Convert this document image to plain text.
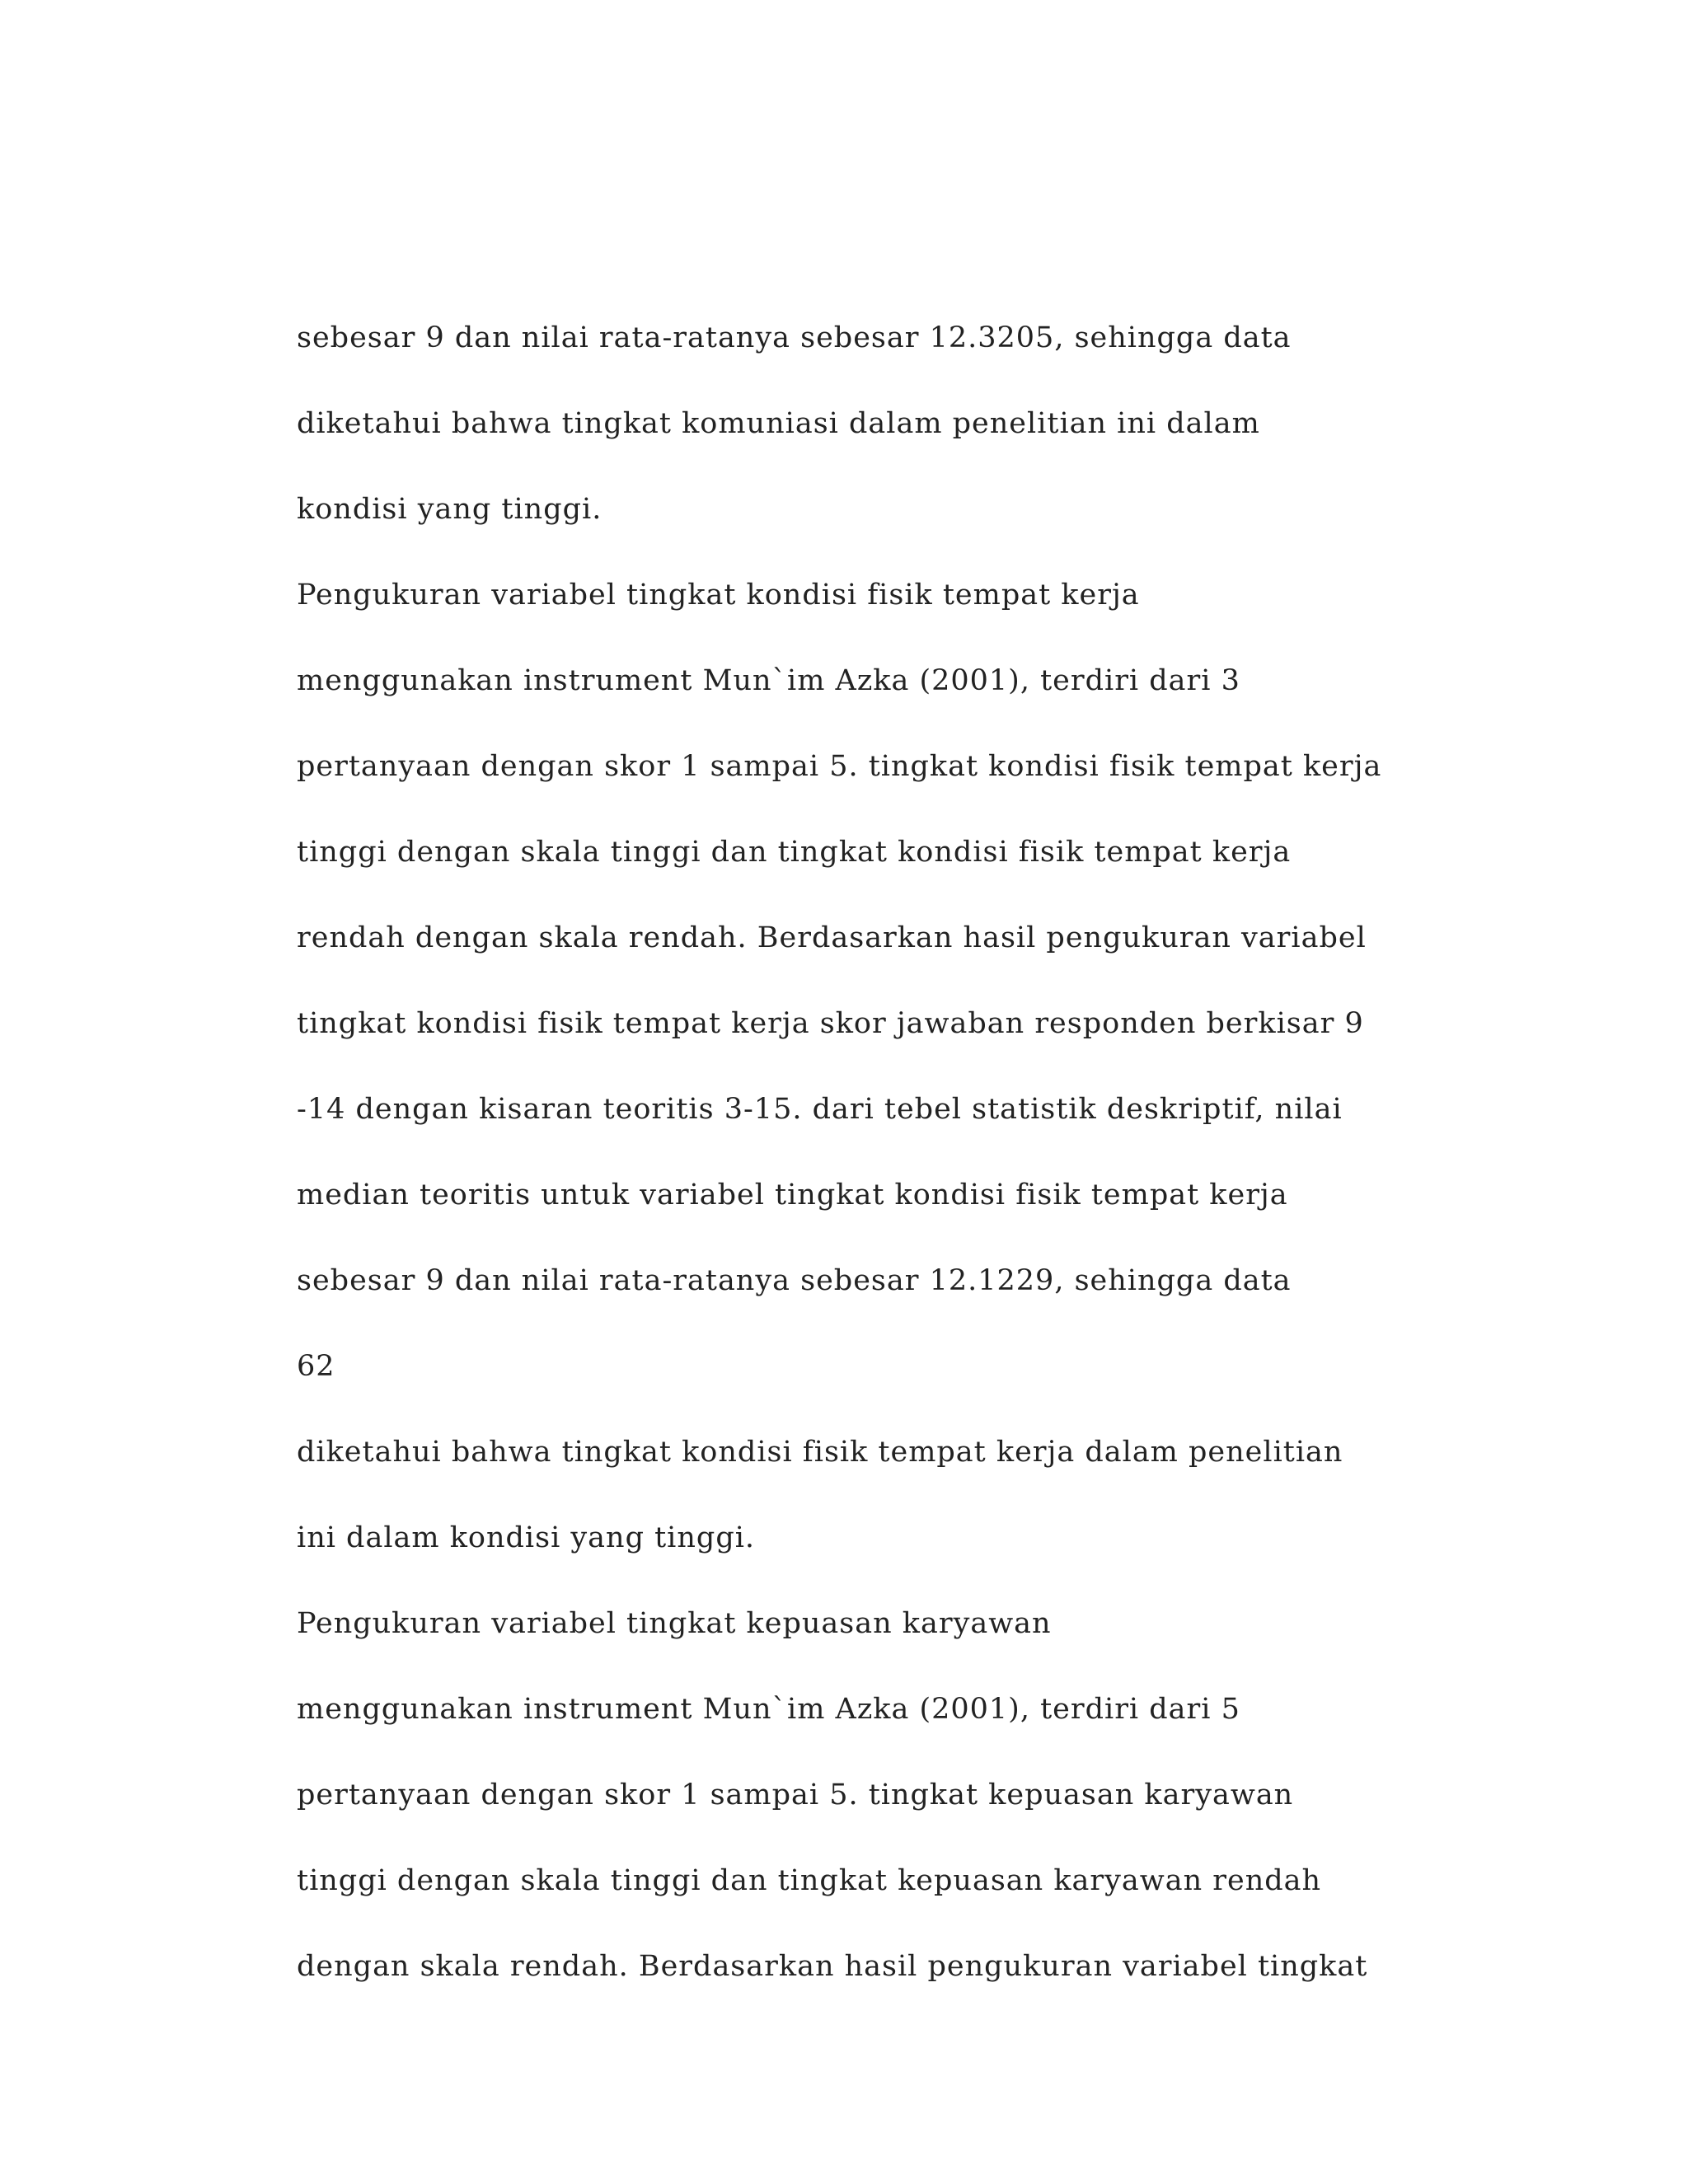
sebesar 9 dan nilai rata-ratanya sebesar 12.3205, sehingga data
diketahui bahwa tingkat komuniasi dalam penelitian ini dalam
kondisi yang tinggi.
Pengukuran variabel tingkat kondisi fisik tempat kerja
menggunakan instrument Mun`im Azka (2001), terdiri dari 3
pertanyaan dengan skor 1 sampai 5. tingkat kondisi fisik tempat kerja
tinggi dengan skala tinggi dan tingkat kondisi fisik tempat kerja
rendah dengan skala rendah. Berdasarkan hasil pengukuran variabel
tingkat kondisi fisik tempat kerja skor jawaban responden berkisar 9
-14 dengan kisaran teoritis 3-15. dari tebel statistik deskriptif, nilai
median teoritis untuk variabel tingkat kondisi fisik tempat kerja
sebesar 9 dan nilai rata-ratanya sebesar 12.1229, sehingga data
62
diketahui bahwa tingkat kondisi fisik tempat kerja dalam penelitian
ini dalam kondisi yang tinggi.
Pengukuran variabel tingkat kepuasan karyawan
menggunakan instrument Mun`im Azka (2001), terdiri dari 5
pertanyaan dengan skor 1 sampai 5. tingkat kepuasan karyawan
tinggi dengan skala tinggi dan tingkat kepuasan karyawan rendah
dengan skala rendah. Berdasarkan hasil pengukuran variabel tingkat
